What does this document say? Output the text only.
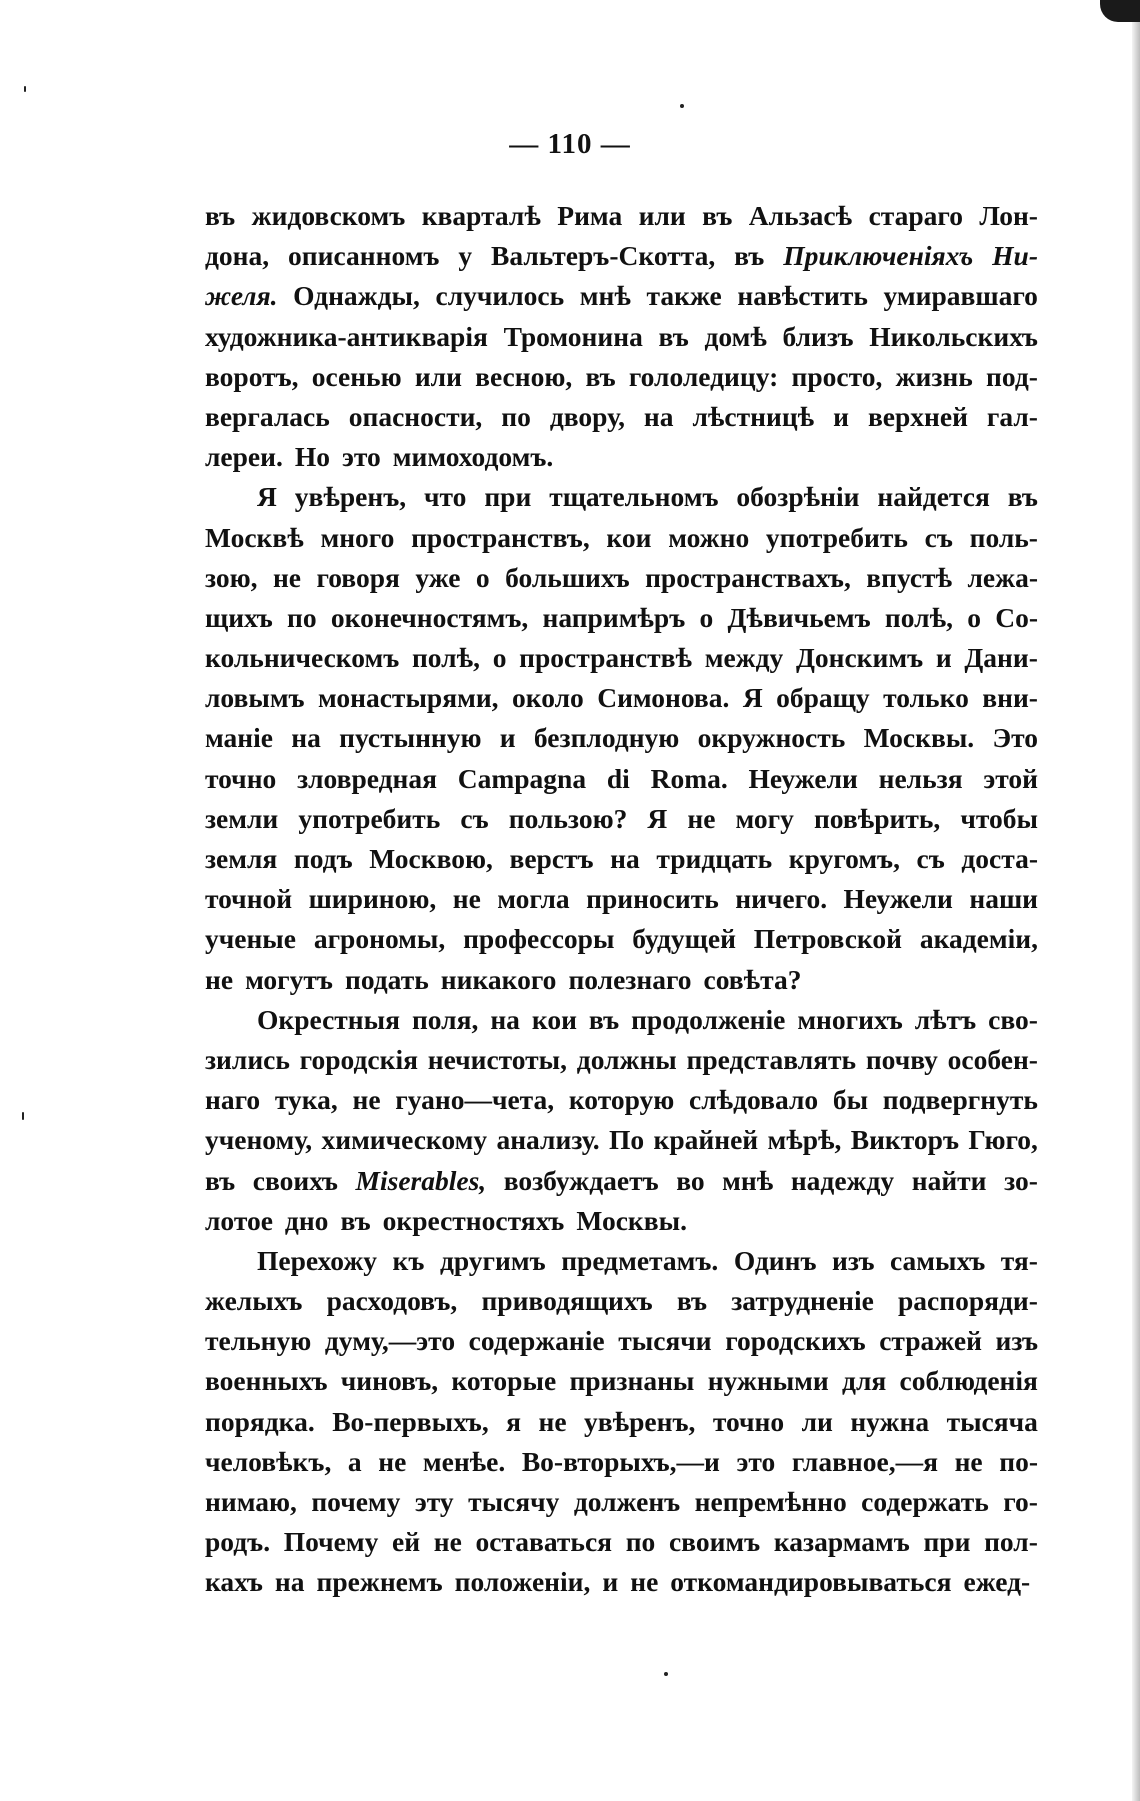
— 110 —
въ жидовскомъ кварталѣ Рима или въ Альзасѣ стараго Лон-
дона, описанномъ у Вальтеръ-Скотта, въ Приключеніяхъ Ни-
желя. Однажды, случилось мнѣ также навѣстить умиравшаго
художника-антикварія Тромонина въ домѣ близъ Никольскихъ
воротъ, осенью или весною, въ гололедицу: просто, жизнь под-
вергалась опасности, по двору, на лѣстницѣ и верхней гал-
лереи. Но это мимоходомъ.
Я увѣренъ, что при тщательномъ обозрѣніи найдется въ
Москвѣ много пространствъ, кои можно употребить съ поль-
зою, не говоря уже о большихъ пространствахъ, впустѣ лежа-
щихъ по оконечностямъ, напримѣръ о Дѣвичьемъ полѣ, о Со-
кольническомъ полѣ, о пространствѣ между Донскимъ и Дани-
ловымъ монастырями, около Симонова. Я обращу только вни-
маніе на пустынную и безплодную окружность Москвы. Это
точно зловредная Campagna di Roma. Неужели нельзя этой
земли употребить съ пользою? Я не могу повѣрить, чтобы
земля подъ Москвою, верстъ на тридцать кругомъ, съ доста-
точной шириною, не могла приносить ничего. Неужели наши
ученые агрономы, профессоры будущей Петровской академіи,
не могутъ подать никакого полезнаго совѣта?
Окрестныя поля, на кои въ продолженіе многихъ лѣтъ сво-
зились городскія нечистоты, должны представлять почву особен-
наго тука, не гуано—чета, которую слѣдовало бы подвергнуть
ученому, химическому анализу. По крайней мѣрѣ, Викторъ Гюго,
въ своихъ Miserables, возбуждаетъ во мнѣ надежду найти зо-
лотое дно въ окрестностяхъ Москвы.
Перехожу къ другимъ предметамъ. Одинъ изъ самыхъ тя-
желыхъ расходовъ, приводящихъ въ затрудненіе распоряди-
тельную думу,—это содержаніе тысячи городскихъ стражей изъ
военныхъ чиновъ, которые признаны нужными для соблюденія
порядка. Во-первыхъ, я не увѣренъ, точно ли нужна тысяча
человѣкъ, а не менѣе. Во-вторыхъ,—и это главное,—я не по-
нимаю, почему эту тысячу долженъ непремѣнно содержать го-
родъ. Почему ей не оставаться по своимъ казармамъ при пол-
кахъ на прежнемъ положеніи, и не откомандировываться ежед-
